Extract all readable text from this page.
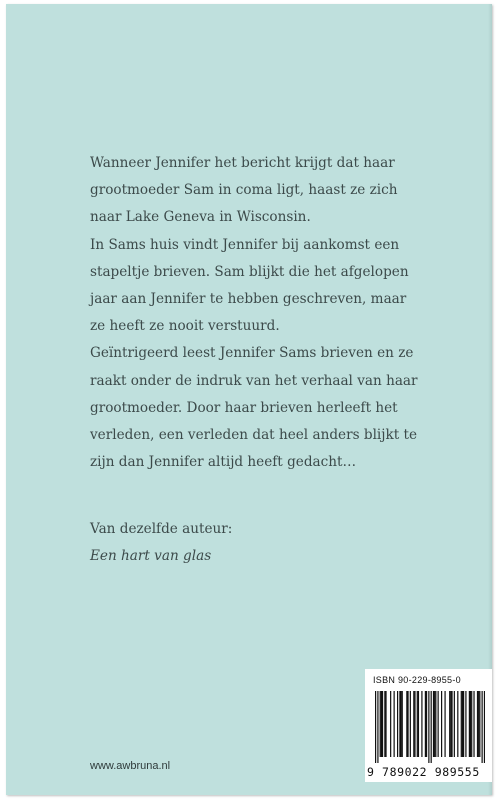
Wanneer Jennifer het bericht krijgt dat haar
grootmoeder Sam in coma ligt, haast ze zich
naar Lake Geneva in Wisconsin.

In Sams huis vindt Jennifer bij aankomst een
stapeltje brieven. Sam blijkt die het afgelopen
jaar aan Jennifer te hebben geschreven, maar
ze heeft ze nooit verstuurd.

Geïntrigeerd leest Jennifer Sams brieven en ze
raakt onder de indruk van het verhaal van haar
grootmoeder. Door haar brieven herleeft het
verleden, een verleden dat heel anders blijkt te
zijn dan Jennifer altijd heeft gedacht…

Van dezelfde auteur:
Een hart van glas
ISBN 90-229-8955-0
9 789022 989555
www.awbruna.nl
